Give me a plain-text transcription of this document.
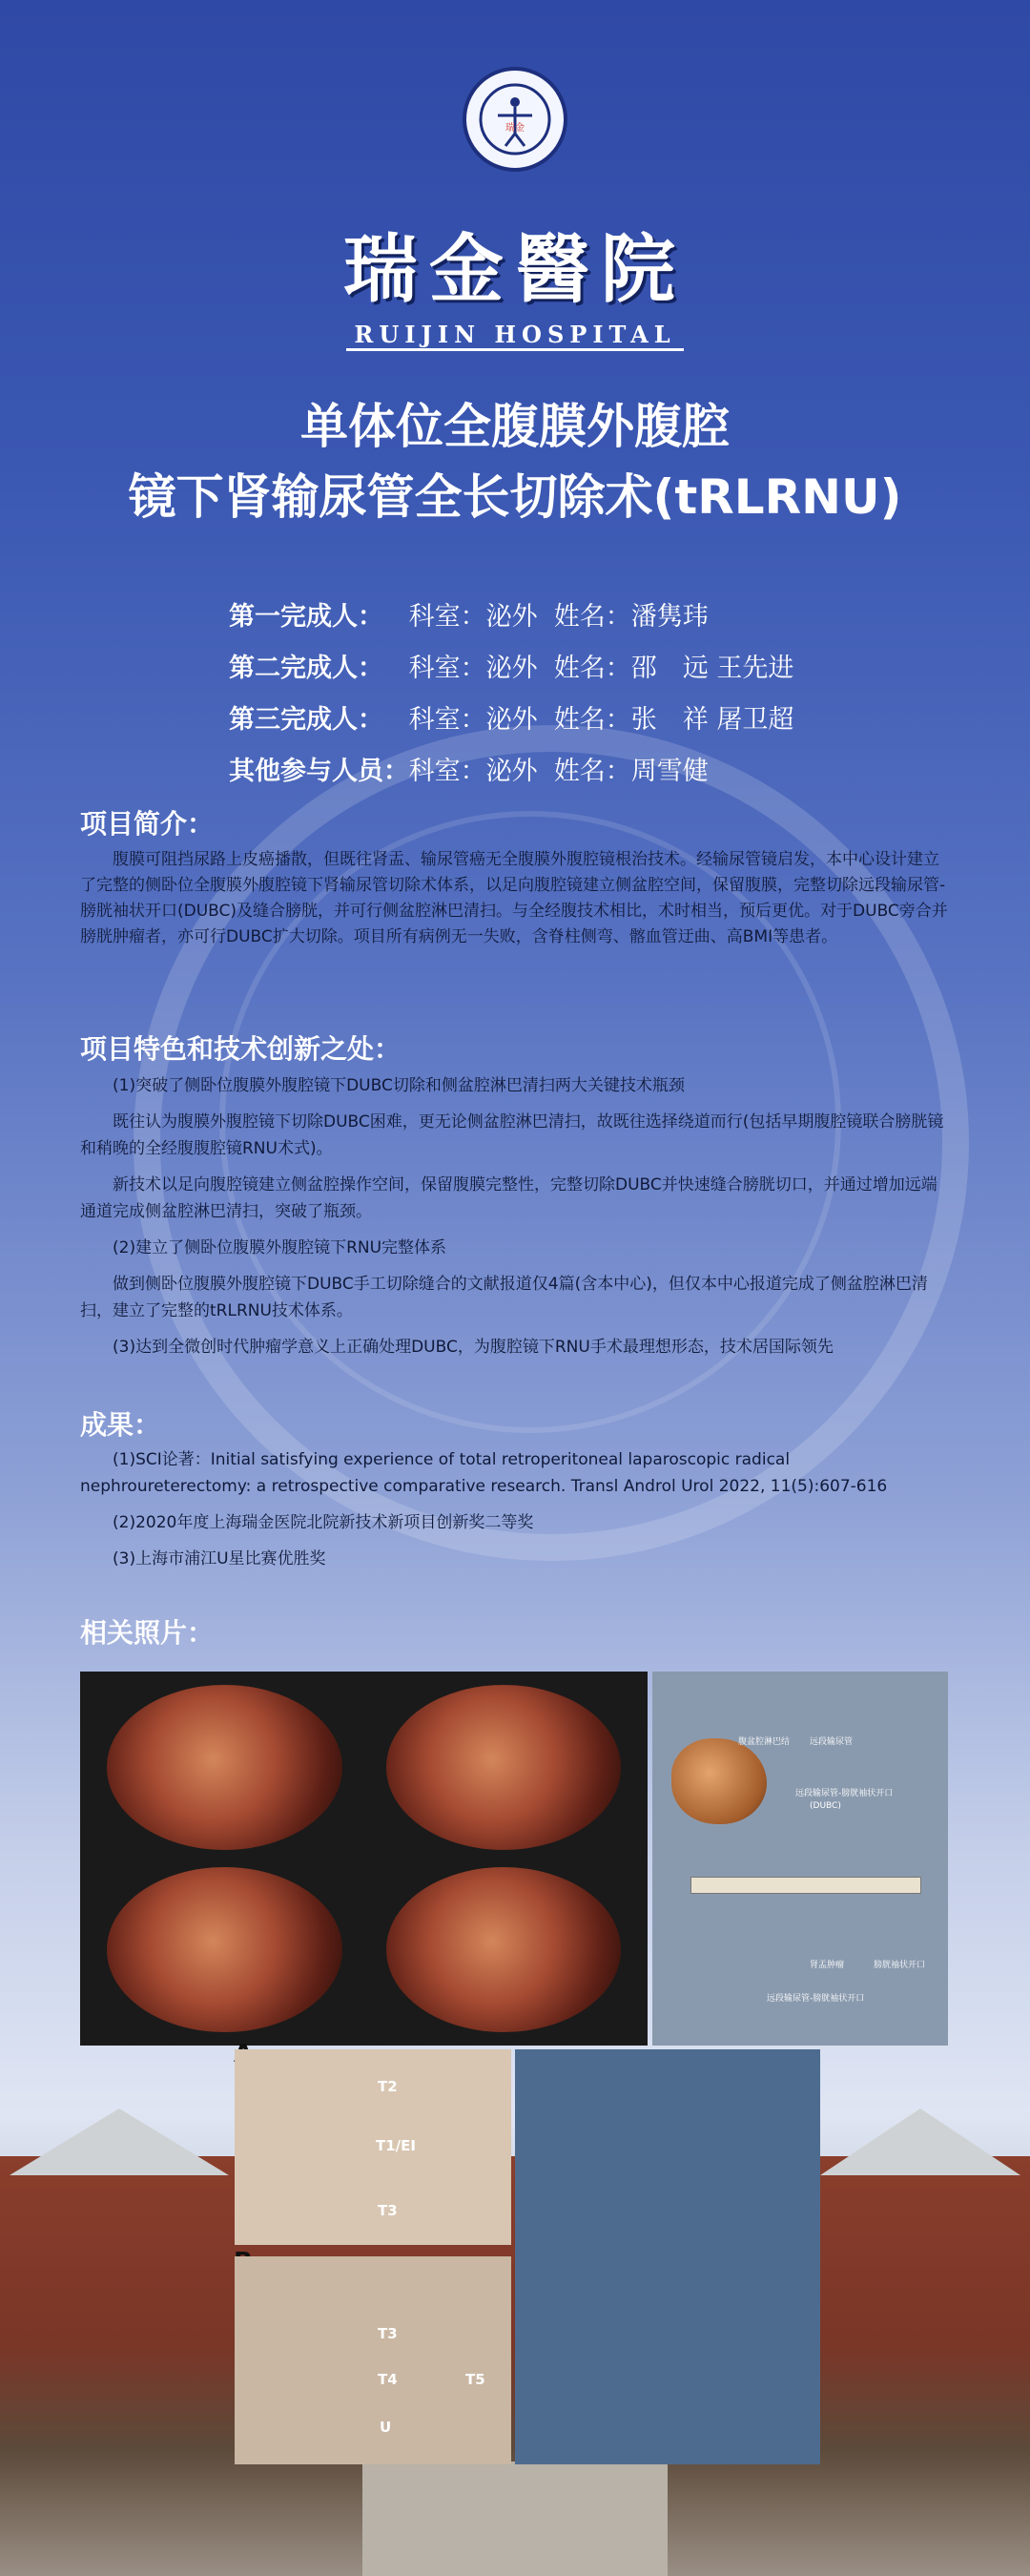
瑞金
瑞金醫院
RUIJIN HOSPITAL
单体位全腹膜外腹腔
镜下肾输尿管全长切除术(tRLRNU)
第一完成人： 科室：泌外 姓名：潘隽玮
第二完成人： 科室：泌外 姓名：邵　远 王先进
第三完成人： 科室：泌外 姓名：张　祥 屠卫超
其他参与人员： 科室：泌外 姓名：周雪健
项目简介：
腹膜可阻挡尿路上皮癌播散，但既往肾盂、输尿管癌无全腹膜外腹腔镜根治技术。经输尿管镜启发，本中心设计建立了完整的侧卧位全腹膜外腹腔镜下肾输尿管切除术体系，以足向腹腔镜建立侧盆腔空间，保留腹膜，完整切除远段输尿管-膀胱袖状开口(DUBC)及缝合膀胱，并可行侧盆腔淋巴清扫。与全经腹技术相比，术时相当，预后更优。对于DUBC旁合并膀胱肿瘤者，亦可行DUBC扩大切除。项目所有病例无一失败，含脊柱侧弯、髂血管迂曲、高BMI等患者。
项目特色和技术创新之处：

(1)突破了侧卧位腹膜外腹腔镜下DUBC切除和侧盆腔淋巴清扫两大关键技术瓶颈

既往认为腹膜外腹腔镜下切除DUBC困难，更无论侧盆腔淋巴清扫，故既往选择绕道而行(包括早期腹腔镜联合膀胱镜和稍晚的全经腹腹腔镜RNU术式)。

新技术以足向腹腔镜建立侧盆腔操作空间，保留腹膜完整性，完整切除DUBC并快速缝合膀胱切口，并通过增加远端通道完成侧盆腔淋巴清扫，突破了瓶颈。

(2)建立了侧卧位腹膜外腹腔镜下RNU完整体系

做到侧卧位腹膜外腹腔镜下DUBC手工切除缝合的文献报道仅4篇(含本中心)，但仅本中心报道完成了侧盆腔淋巴清扫，建立了完整的tRLRNU技术体系。

(3)达到全微创时代肿瘤学意义上正确处理DUBC，为腹腔镜下RNU手术最理想形态，技术居国际领先

成果：

(1)SCI论著：Initial satisfying experience of total retroperitoneal laparoscopic radical nephroureterectomy: a retrospective comparative research. Transl Androl Urol 2022, 11(5):607-616

(2)2020年度上海瑞金医院北院新技术新项目创新奖二等奖

(3)上海市浦江U星比赛优胜奖

相关照片：
腹盆腔淋巴结 远段输尿管
远段输尿管-膀胱袖状开口
(DUBC)
肾盂肿瘤	膀胱袖状开口
远段输尿管-膀胱袖状开口
T2
T1/EI
T3
T3
T4	T5
U
